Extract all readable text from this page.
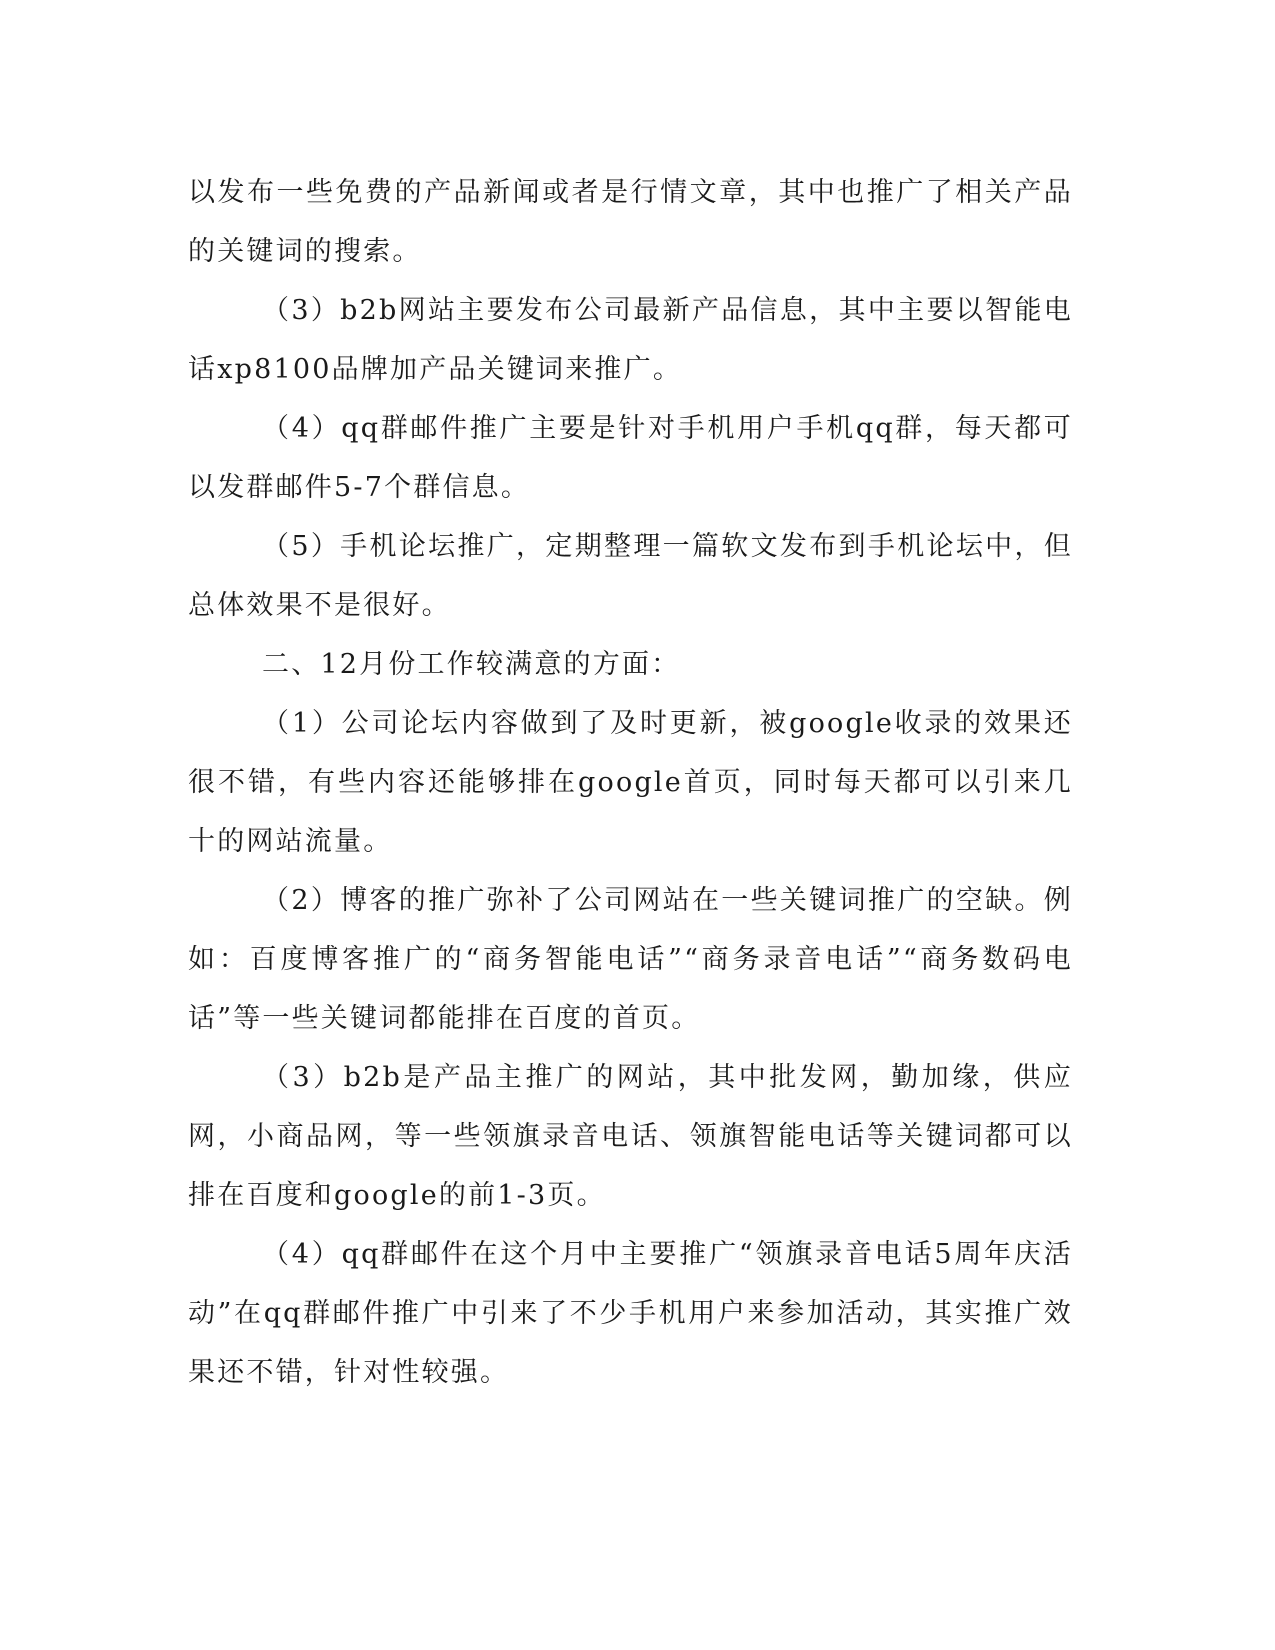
以发布一些免费的产品新闻或者是行情文章，其中也推广了相关产品的关键词的搜索。

（3）b2b网站主要发布公司最新产品信息，其中主要以智能电话xp8100品牌加产品关键词来推广。

（4）qq群邮件推广主要是针对手机用户手机qq群，每天都可以发群邮件5-7个群信息。

（5）手机论坛推广，定期整理一篇软文发布到手机论坛中，但总体效果不是很好。

二、12月份工作较满意的方面：

（1）公司论坛内容做到了及时更新，被google收录的效果还很不错，有些内容还能够排在google首页，同时每天都可以引来几十的网站流量。

（2）博客的推广弥补了公司网站在一些关键词推广的空缺。例如：百度博客推广的“商务智能电话”“商务录音电话”“商务数码电话”等一些关键词都能排在百度的首页。

（3）b2b是产品主推广的网站，其中批发网，勤加缘，供应网，小商品网，等一些领旗录音电话、领旗智能电话等关键词都可以排在百度和google的前1-3页。

（4）qq群邮件在这个月中主要推广“领旗录音电话5周年庆活动”在qq群邮件推广中引来了不少手机用户来参加活动，其实推广效果还不错，针对性较强。
